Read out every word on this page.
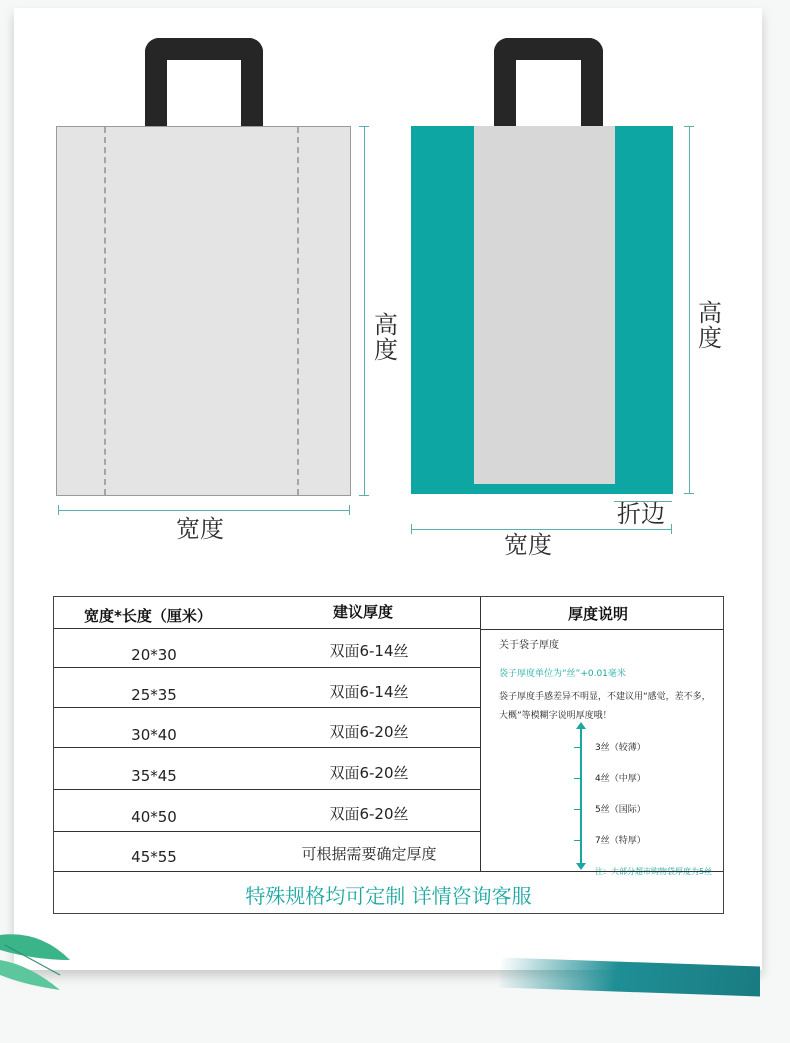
高度
宽度
高度
折边
宽度
宽度*长度（厘米）	建议厚度
20*30	双面6-14丝
25*35	双面6-14丝
30*40	双面6-20丝
35*45	双面6-20丝
40*50	双面6-20丝
45*55	可根据需要确定厚度
厚度说明
关于袋子厚度
袋子厚度单位为“丝”+0.01毫米
袋子厚度手感差异不明显，不建议用“感觉，差不多，大概”等模糊字说明厚度哦！
3丝（较薄）
4丝（中厚）
5丝（国际）
7丝（特厚）
注：大部分超市购物袋厚度为5丝
特殊规格均可定制 详情咨询客服
